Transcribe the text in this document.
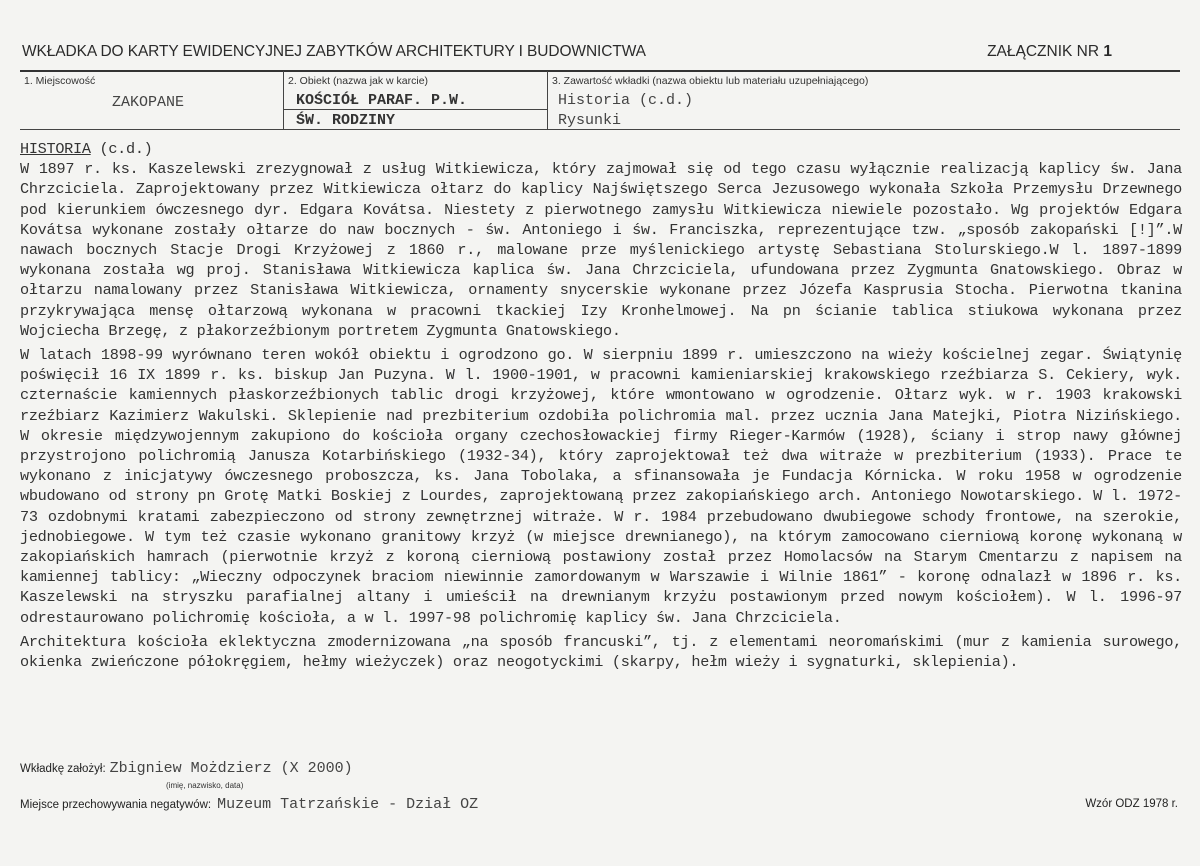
WKŁADKA DO KARTY EWIDENCYJNEJ ZABYTKÓW ARCHITEKTURY I BUDOWNICTWA	ZAŁĄCZNIK NR 1
1. Miejscowość
ZAKOPANE
2. Obiekt (nazwa jak w karcie)
KOŚCIÓŁ PARAF. P.W.
ŚW. RODZINY
3. Zawartość wkładki (nazwa obiektu lub materiału uzupełniającego)
Historia (c.d.)
Rysunki
HISTORIA (c.d.)

W 1897 r. ks. Kaszelewski zrezygnował z usług Witkiewicza, który zajmował się od tego czasu wyłącznie realizacją kaplicy św. Jana Chrzciciela. Zaprojektowany przez Witkiewicza ołtarz do kaplicy Najświętszego Serca Jezusowego wykonała Szkoła Przemysłu Drzewnego pod kierunkiem ówczesnego dyr. Edgara Kovátsa. Niestety z pierwotnego zamysłu Witkiewicza niewiele pozostało. Wg projektów Edgara Kovátsa wykonane zostały ołtarze do naw bocznych - św. Antoniego i św. Franciszka, reprezentujące tzw. „sposób zakopański [!]”.W nawach bocznych Stacje Drogi Krzyżowej z 1860 r., malowane prze myślenickiego artystę Sebastiana Stolurskiego.W l. 1897-1899 wykonana została wg proj. Stanisława Witkiewicza kaplica św. Jana Chrzciciela, ufundowana przez Zygmunta Gnatowskiego. Obraz w ołtarzu namalowany przez Stanisława Witkiewicza, ornamenty snycerskie wykonane przez Józefa Kasprusia Stocha. Pierwotna tkanina przykrywająca mensę ołtarzową wykonana w pracowni tkackiej Izy Kronhelmowej. Na pn ścianie tablica stiukowa wykonana przez Wojciecha Brzegę, z płakorzeźbionym portretem Zygmunta Gnatowskiego.

W latach 1898-99 wyrównano teren wokół obiektu i ogrodzono go. W sierpniu 1899 r. umieszczono na wieży kościelnej zegar. Świątynię poświęcił 16 IX 1899 r. ks. biskup Jan Puzyna. W l. 1900-1901, w pracowni kamieniarskiej krakowskiego rzeźbiarza S. Cekiery, wyk. czternaście kamiennych płaskorzeźbionych tablic drogi krzyżowej, które wmontowano w ogrodzenie. Ołtarz wyk. w r. 1903 krakowski rzeźbiarz Kazimierz Wakulski. Sklepienie nad prezbiterium ozdobiła polichromia mal. przez ucznia Jana Matejki, Piotra Nizińskiego. W okresie międzywojennym zakupiono do kościoła organy czechosłowackiej firmy Rieger-Karmów (1928), ściany i strop nawy głównej przystrojono polichromią Janusza Kotarbińskiego (1932-34), który zaprojektował też dwa witraże w prezbiterium (1933). Prace te wykonano z inicjatywy ówczesnego proboszcza, ks. Jana Tobolaka, a sfinansowała je Fundacja Kórnicka. W roku 1958 w ogrodzenie wbudowano od strony pn Grotę Matki Boskiej z Lourdes, zaprojektowaną przez zakopiańskiego arch. Antoniego Nowotarskiego. W l. 1972-73 ozdobnymi kratami zabezpieczono od strony zewnętrznej witraże. W r. 1984 przebudowano dwubiegowe schody frontowe, na szerokie, jednobiegowe. W tym też czasie wykonano granitowy krzyż (w miejsce drewnianego), na którym zamocowano cierniową koronę wykonaną w zakopiańskich hamrach (pierwotnie krzyż z koroną cierniową postawiony został przez Homolacsów na Starym Cmentarzu z napisem na kamiennej tablicy: „Wieczny odpoczynek braciom niewinnie zamordowanym w Warszawie i Wilnie 1861” - koronę odnalazł w 1896 r. ks. Kaszelewski na stryszku parafialnej altany i umieścił na drewnianym krzyżu postawionym przed nowym kościołem). W l. 1996-97 odrestaurowano polichromię kościoła, a w l. 1997-98 polichromię kaplicy św. Jana Chrzciciela.

Architektura kościoła eklektyczna zmodernizowana „na sposób francuski”, tj. z elementami neoromańskimi (mur z kamienia surowego, okienka zwieńczone półokręgiem, hełmy wieżyczek) oraz neogotyckimi (skarpy, hełm wieży i sygnaturki, sklepienia).

Wkładkę założył: Zbigniew Możdzierz (X 2000)
(imię, nazwisko, data)
Miejsce przechowywania negatywów: Muzeum Tatrzańskie - Dział OZ	Wzór ODZ 1978 r.
